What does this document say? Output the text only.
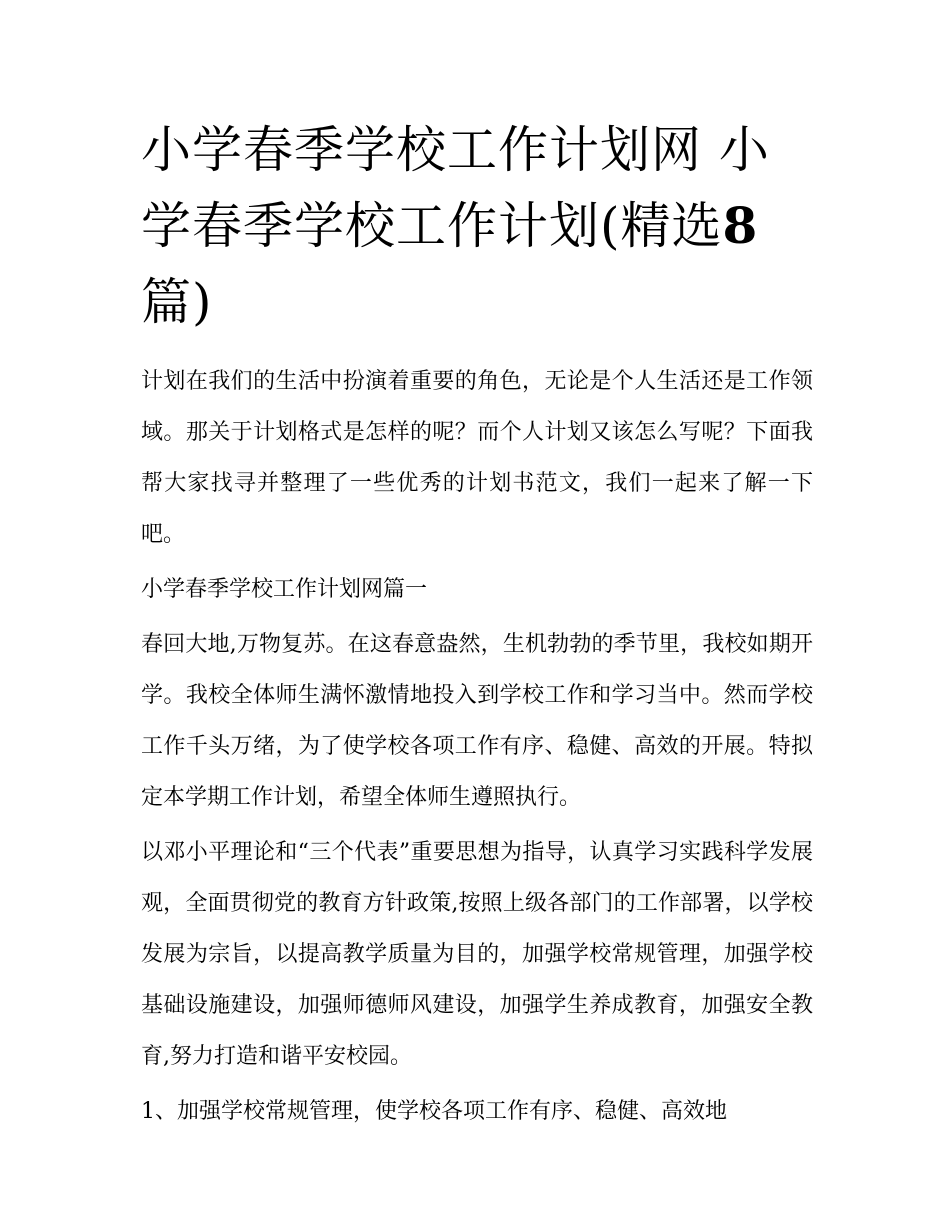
小学春季学校工作计划网 小学春季学校工作计划(精选8篇)

计划在我们的生活中扮演着重要的角色，无论是个人生活还是工作领域。那关于计划格式是怎样的呢？而个人计划又该怎么写呢？下面我帮大家找寻并整理了一些优秀的计划书范文，我们一起来了解一下吧。

小学春季学校工作计划网篇一

春回大地,万物复苏。在这春意盎然，生机勃勃的季节里，我校如期开学。我校全体师生满怀激情地投入到学校工作和学习当中。然而学校工作千头万绪，为了使学校各项工作有序、稳健、高效的开展。特拟定本学期工作计划，希望全体师生遵照执行。

以邓小平理论和“三个代表”重要思想为指导，认真学习实践科学发展观，全面贯彻党的教育方针政策,按照上级各部门的工作部署，以学校发展为宗旨，以提高教学质量为目的，加强学校常规管理，加强学校基础设施建设，加强师德师风建设，加强学生养成教育，加强安全教育,努力打造和谐平安校园。

1、加强学校常规管理，使学校各项工作有序、稳健、高效地
